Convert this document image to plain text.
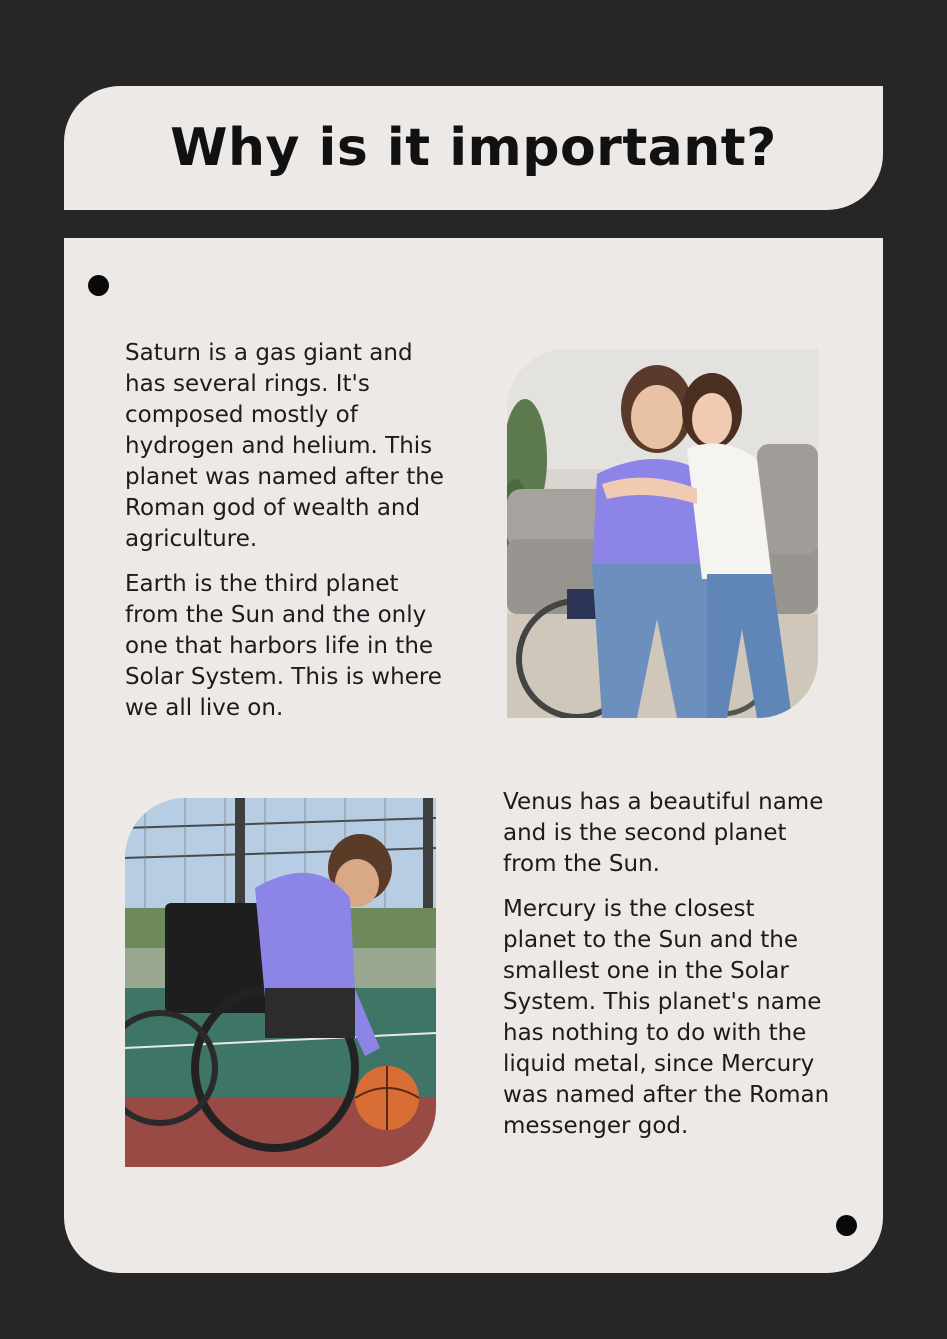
Why is it important?

Saturn is a gas giant and has several rings. It's composed mostly of hydrogen and helium. This planet was named after the Roman god of wealth and agriculture.

Earth is the third planet from the Sun and the only one that harbors life in the Solar System. This is where we all live on.

Venus has a beautiful name and is the second planet from the Sun.

Mercury is the closest planet to the Sun and the smallest one in the Solar System. This planet's name has nothing to do with the liquid metal, since Mercury was named after the Roman messenger god.
